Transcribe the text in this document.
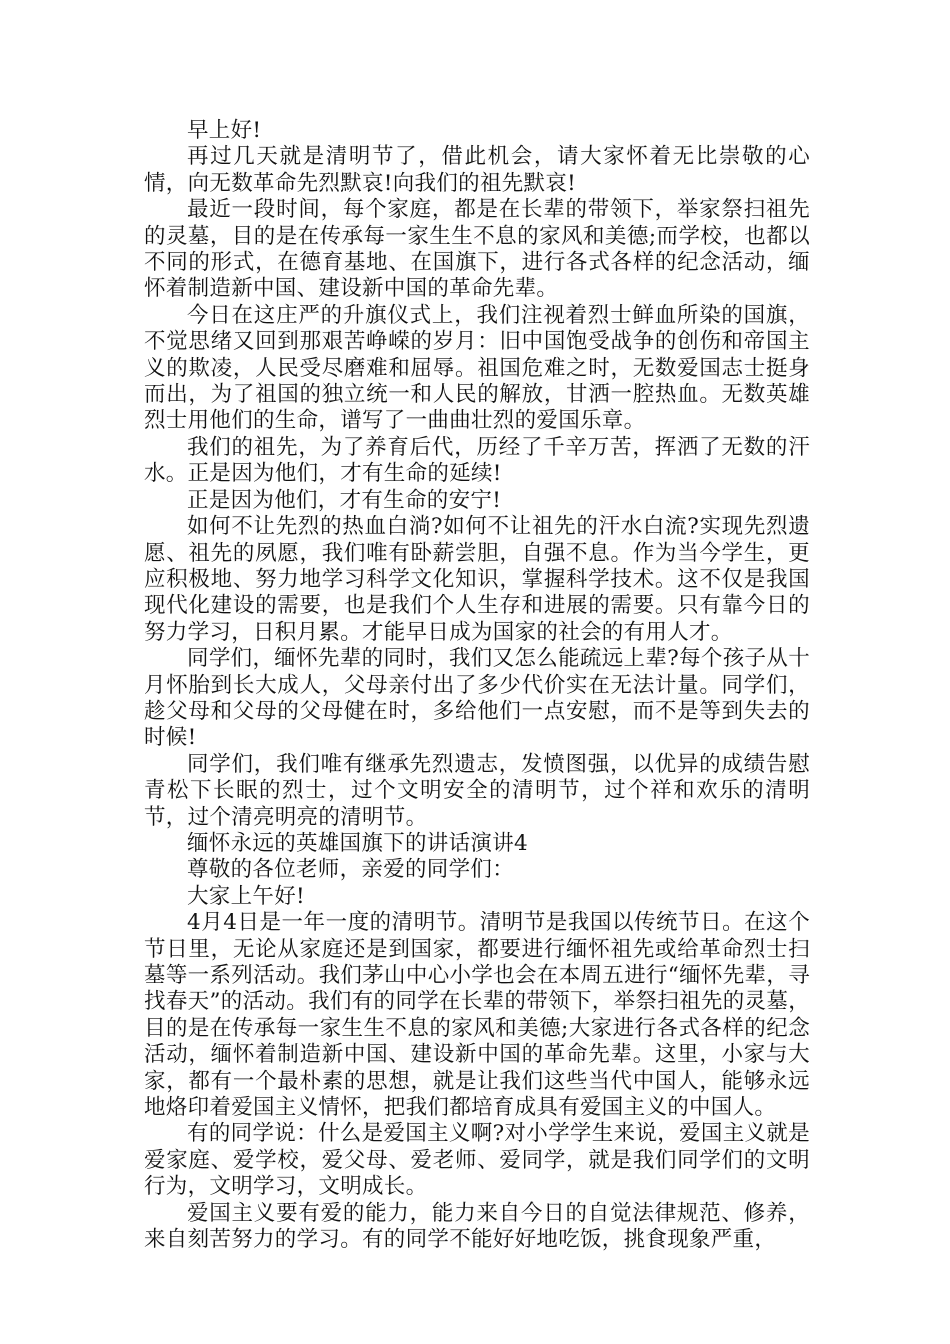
早上好!

再过几天就是清明节了，借此机会，请大家怀着无比崇敬的心情，向无数革命先烈默哀!向我们的祖先默哀!

最近一段时间，每个家庭，都是在长辈的带领下，举家祭扫祖先的灵墓，目的是在传承每一家生生不息的家风和美德;而学校，也都以不同的形式，在德育基地、在国旗下，进行各式各样的纪念活动，缅怀着制造新中国、建设新中国的革命先辈。

今日在这庄严的升旗仪式上，我们注视着烈士鲜血所染的国旗，不觉思绪又回到那艰苦峥嵘的岁月：旧中国饱受战争的创伤和帝国主义的欺凌，人民受尽磨难和屈辱。祖国危难之时，无数爱国志士挺身而出，为了祖国的独立统一和人民的解放，甘洒一腔热血。无数英雄烈士用他们的生命，谱写了一曲曲壮烈的爱国乐章。

我们的祖先，为了养育后代，历经了千辛万苦，挥洒了无数的汗水。正是因为他们，才有生命的延续!

正是因为他们，才有生命的安宁!

如何不让先烈的热血白淌?如何不让祖先的汗水白流?实现先烈遗愿、祖先的夙愿，我们唯有卧薪尝胆，自强不息。作为当今学生，更应积极地、努力地学习科学文化知识，掌握科学技术。这不仅是我国现代化建设的需要，也是我们个人生存和进展的需要。只有靠今日的努力学习，日积月累。才能早日成为国家的社会的有用人才。

同学们，缅怀先辈的同时，我们又怎么能疏远上辈?每个孩子从十月怀胎到长大成人，父母亲付出了多少代价实在无法计量。同学们，趁父母和父母的父母健在时，多给他们一点安慰，而不是等到失去的时候!

同学们，我们唯有继承先烈遗志，发愤图强，以优异的成绩告慰青松下长眠的烈士，过个文明安全的清明节，过个祥和欢乐的清明节，过个清亮明亮的清明节。

缅怀永远的英雄国旗下的讲话演讲4

尊敬的各位老师，亲爱的同学们：

大家上午好!

4月4日是一年一度的清明节。清明节是我国以传统节日。在这个节日里，无论从家庭还是到国家，都要进行缅怀祖先或给革命烈士扫墓等一系列活动。我们茅山中心小学也会在本周五进行“缅怀先辈，寻找春天”的活动。我们有的同学在长辈的带领下，举祭扫祖先的灵墓，目的是在传承每一家生生不息的家风和美德;大家进行各式各样的纪念活动，缅怀着制造新中国、建设新中国的革命先辈。这里，小家与大家，都有一个最朴素的思想，就是让我们这些当代中国人，能够永远地烙印着爱国主义情怀，把我们都培育成具有爱国主义的中国人。

有的同学说：什么是爱国主义啊?对小学学生来说，爱国主义就是爱家庭、爱学校，爱父母、爱老师、爱同学，就是我们同学们的文明行为，文明学习，文明成长。

爱国主义要有爱的能力，能力来自今日的自觉法律规范、修养，来自刻苦努力的学习。有的同学不能好好地吃饭，挑食现象严重，
